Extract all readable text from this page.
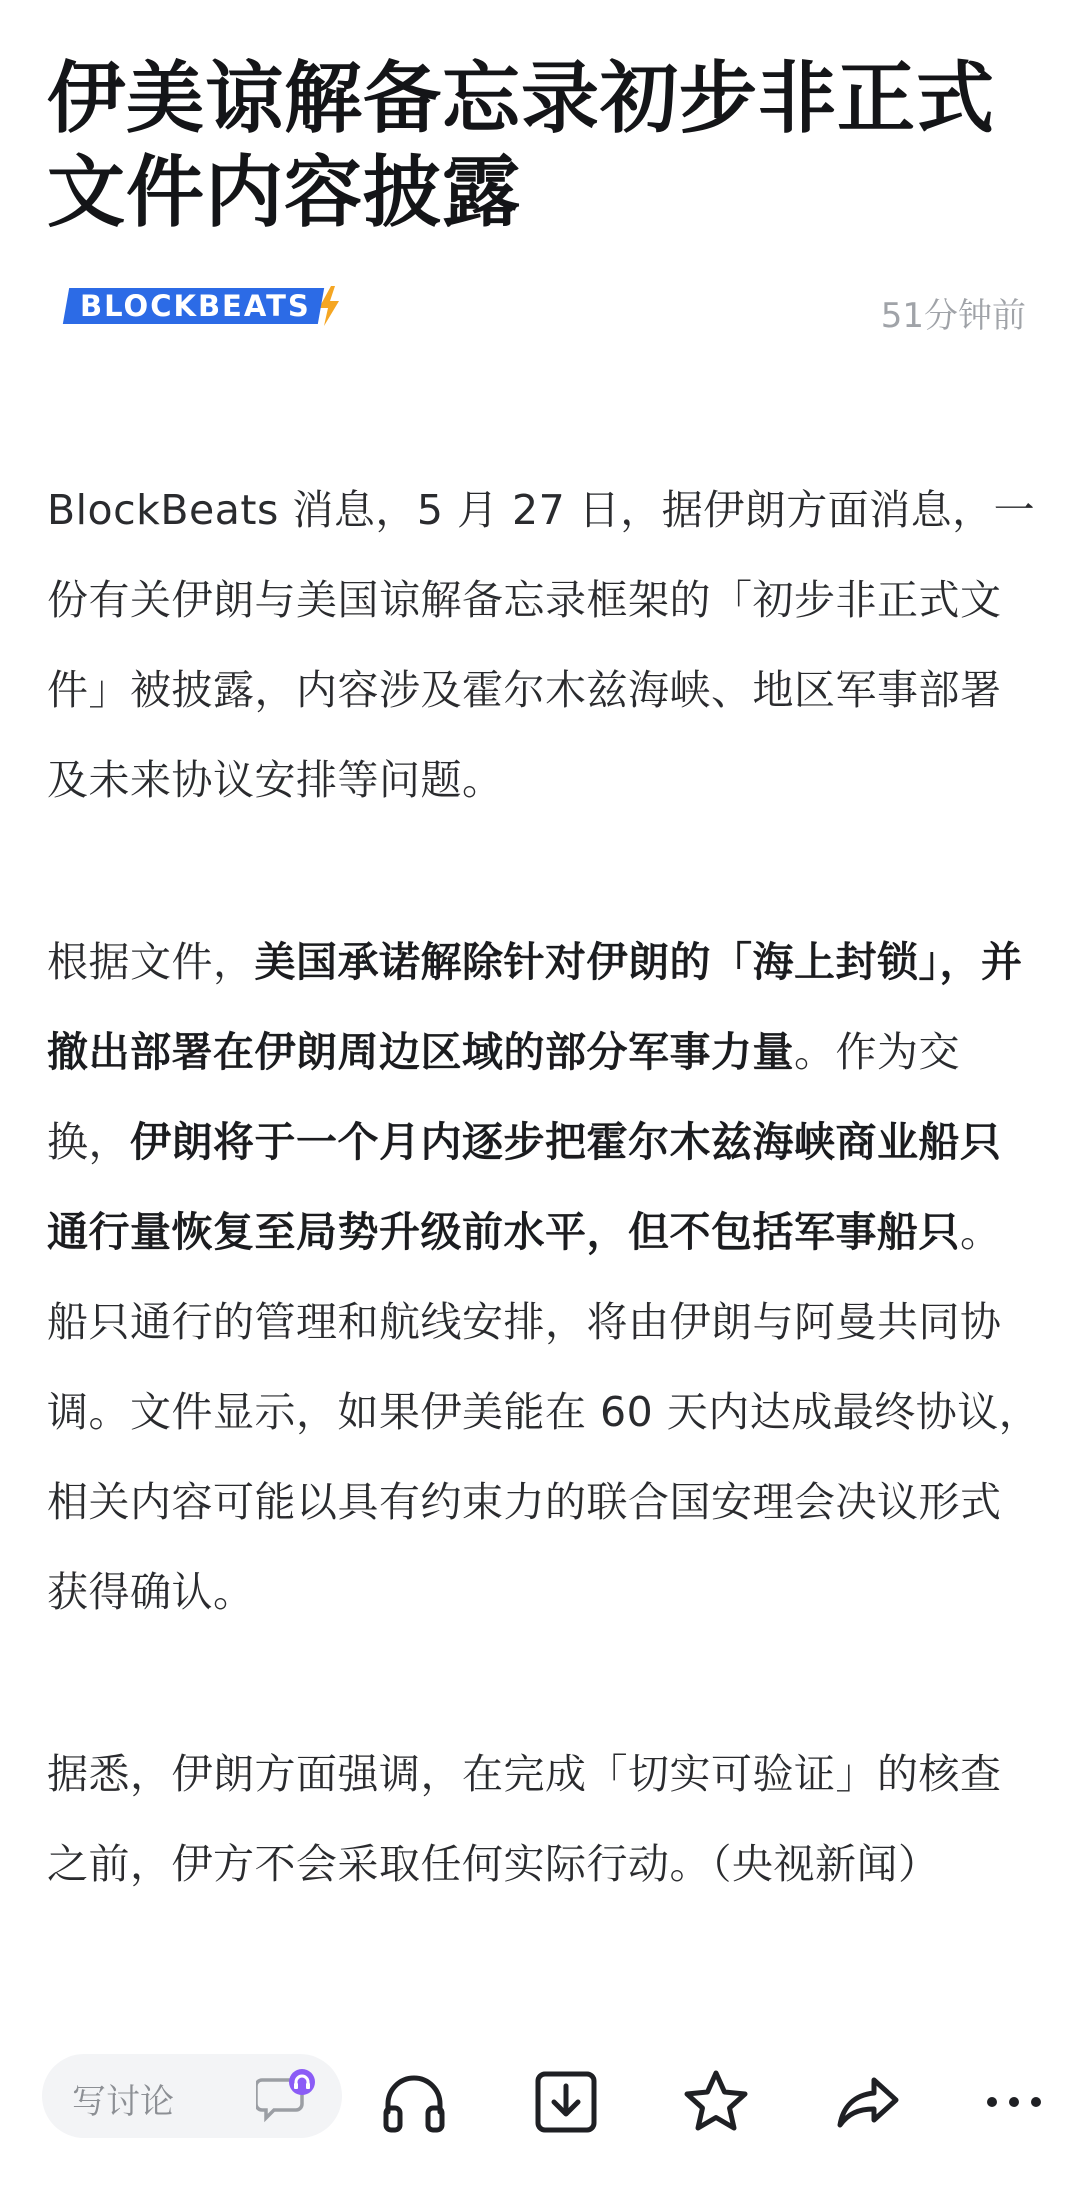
伊美谅解备忘录初步非正式文件内容披露
BLOCKBEATS	51分钟前

BlockBeats 消息，5 月 27 日，据伊朗方面消息，一份有关伊朗与美国谅解备忘录框架的「初步非正式文件」被披露，内容涉及霍尔木兹海峡、地区军事部署及未来协议安排等问题。

根据文件，美国承诺解除针对伊朗的「海上封锁」，并撤出部署在伊朗周边区域的部分军事力量。作为交换，伊朗将于一个月内逐步把霍尔木兹海峡商业船只通行量恢复至局势升级前水平，但不包括军事船只。船只通行的管理和航线安排，将由伊朗与阿曼共同协调。文件显示，如果伊美能在 60 天内达成最终协议，相关内容可能以具有约束力的联合国安理会决议形式获得确认。

据悉，伊朗方面强调，在完成「切实可验证」的核查之前，伊方不会采取任何实际行动。（央视新闻）

写讨论
